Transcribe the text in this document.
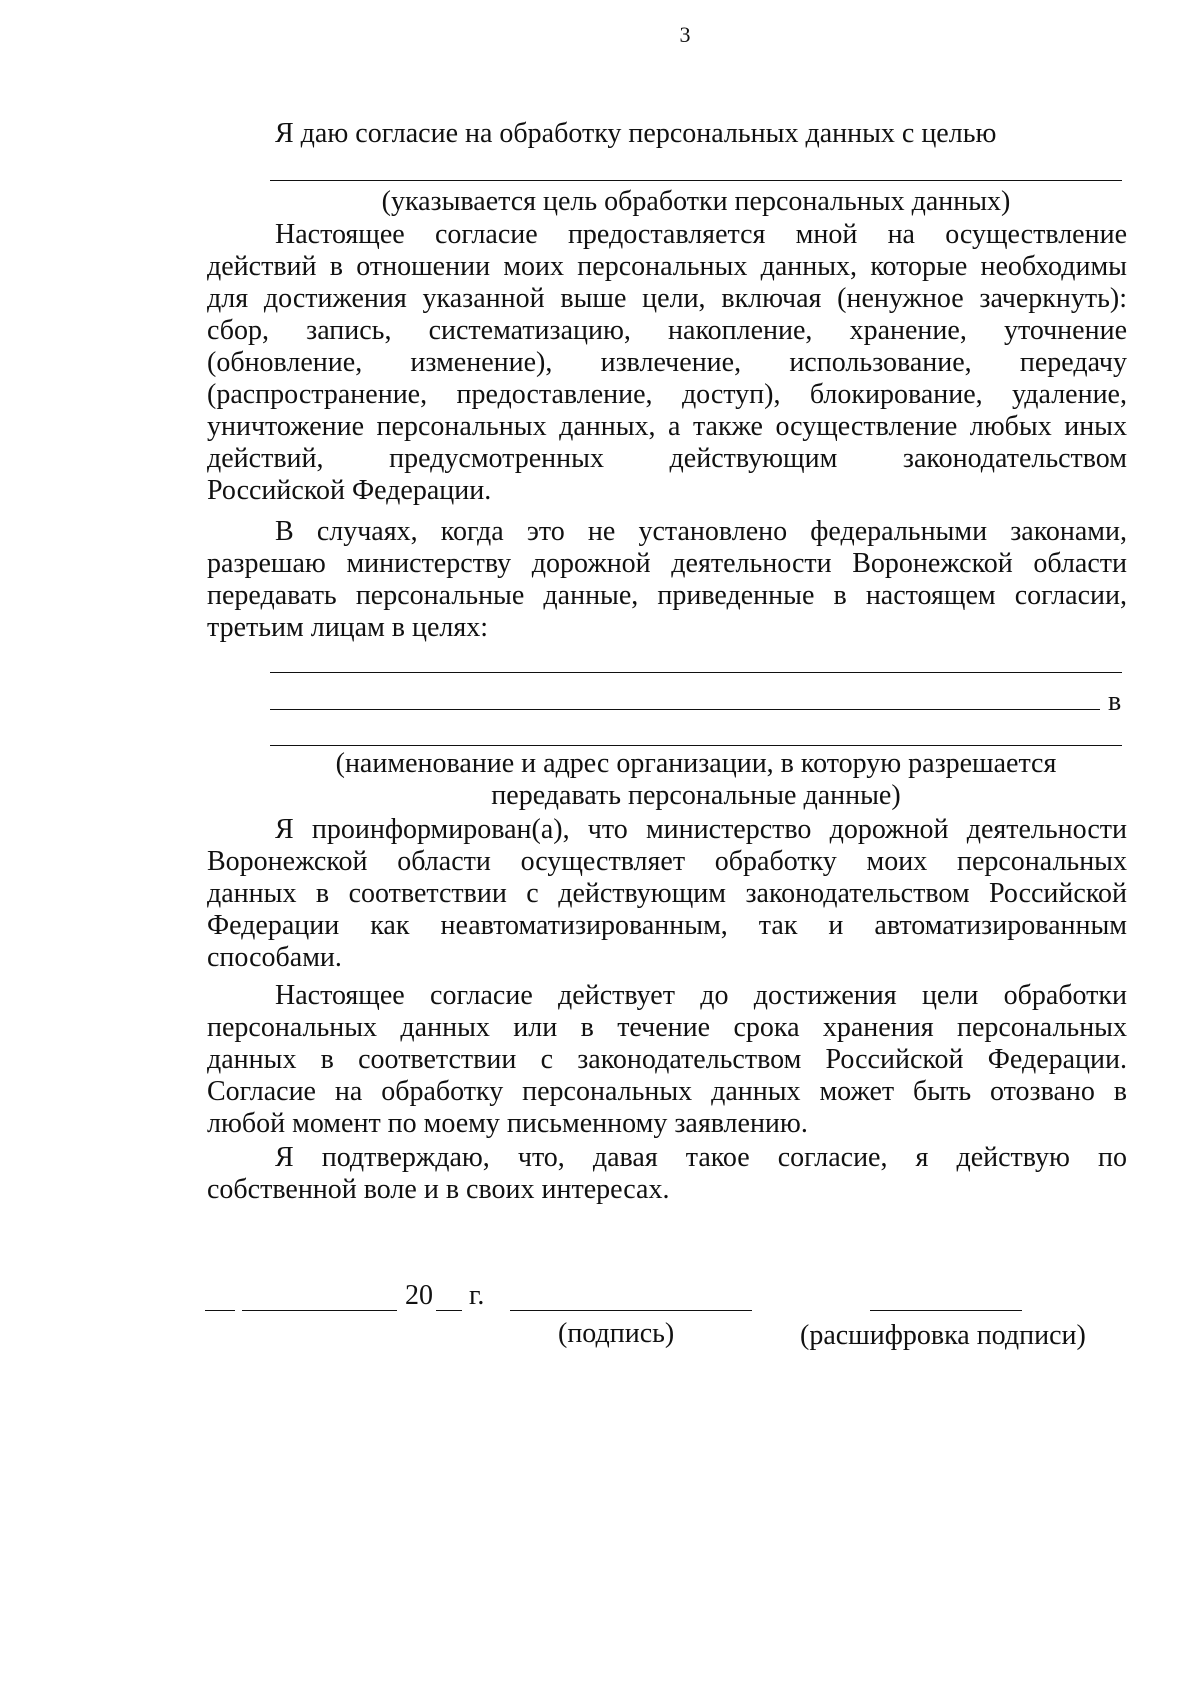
3
Я даю согласие на обработку персональных данных с целью
(указывается цель обработки персональных данных)
Настоящее согласие предоставляется мной на осуществление
действий в отношении моих персональных данных, которые необходимы
для достижения указанной выше цели, включая (ненужное зачеркнуть):
сбор, запись, систематизацию, накопление, хранение, уточнение
(обновление, изменение), извлечение, использование, передачу
(распространение, предоставление, доступ), блокирование, удаление,
уничтожение персональных данных, а также осуществление любых иных
действий, предусмотренных действующим законодательством
Российской Федерации.
В случаях, когда это не установлено федеральными законами,
разрешаю министерству дорожной деятельности Воронежской области
передавать персональные данные, приведенные в настоящем согласии,
третьим лицам в целях:
в
(наименование и адрес организации, в которую разрешается
передавать персональные данные)
Я проинформирован(а), что министерство дорожной деятельности
Воронежской области осуществляет обработку моих персональных
данных в соответствии с действующим законодательством Российской
Федерации как неавтоматизированным, так и автоматизированным
способами.
Настоящее согласие действует до достижения цели обработки
персональных данных или в течение срока хранения персональных
данных в соответствии с законодательством Российской Федерации.
Согласие на обработку персональных данных может быть отозвано в
любой момент по моему письменному заявлению.
Я подтверждаю, что, давая такое согласие, я действую по
собственной воле и в своих интересах.
20 г.
(подпись)	(расшифровка подписи)
